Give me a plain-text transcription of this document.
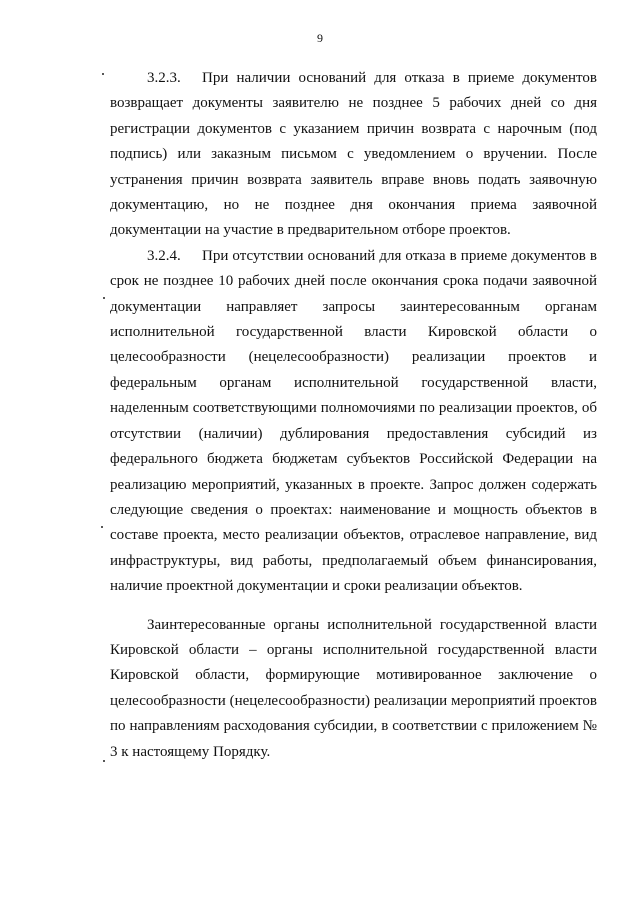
9

3.2.3. При наличии оснований для отказа в приеме документов возвращает документы заявителю не позднее 5 рабочих дней со дня регистрации документов с указанием причин возврата с нарочным (под подпись) или заказным письмом с уведомлением о вручении. После устранения причин возврата заявитель вправе вновь подать заявочную документацию, но не позднее дня окончания приема заявочной документации на участие в предварительном отборе проектов.

3.2.4. При отсутствии оснований для отказа в приеме документов в срок не позднее 10 рабочих дней после окончания срока подачи заявочной документации направляет запросы заинтересованным органам исполнительной государственной власти Кировской области о целесообразности (нецелесообразности) реализации проектов и федеральным органам исполнительной государственной власти, наделенным соответствующими полномочиями по реализации проектов, об отсутствии (наличии) дублирования предоставления субсидий из федерального бюджета бюджетам субъектов Российской Федерации на реализацию мероприятий, указанных в проекте. Запрос должен содержать следующие сведения о проектах: наименование и мощность объектов в составе проекта, место реализации объектов, отраслевое направление, вид инфраструктуры, вид работы, предполагаемый объем финансирования, наличие проектной документации и сроки реализации объектов.

Заинтересованные органы исполнительной государственной власти Кировской области – органы исполнительной государственной власти Кировской области, формирующие мотивированное заключение о целесообразности (нецелесообразности) реализации мероприятий проектов по направлениям расходования субсидии, в соответствии с приложением № 3 к настоящему Порядку.
